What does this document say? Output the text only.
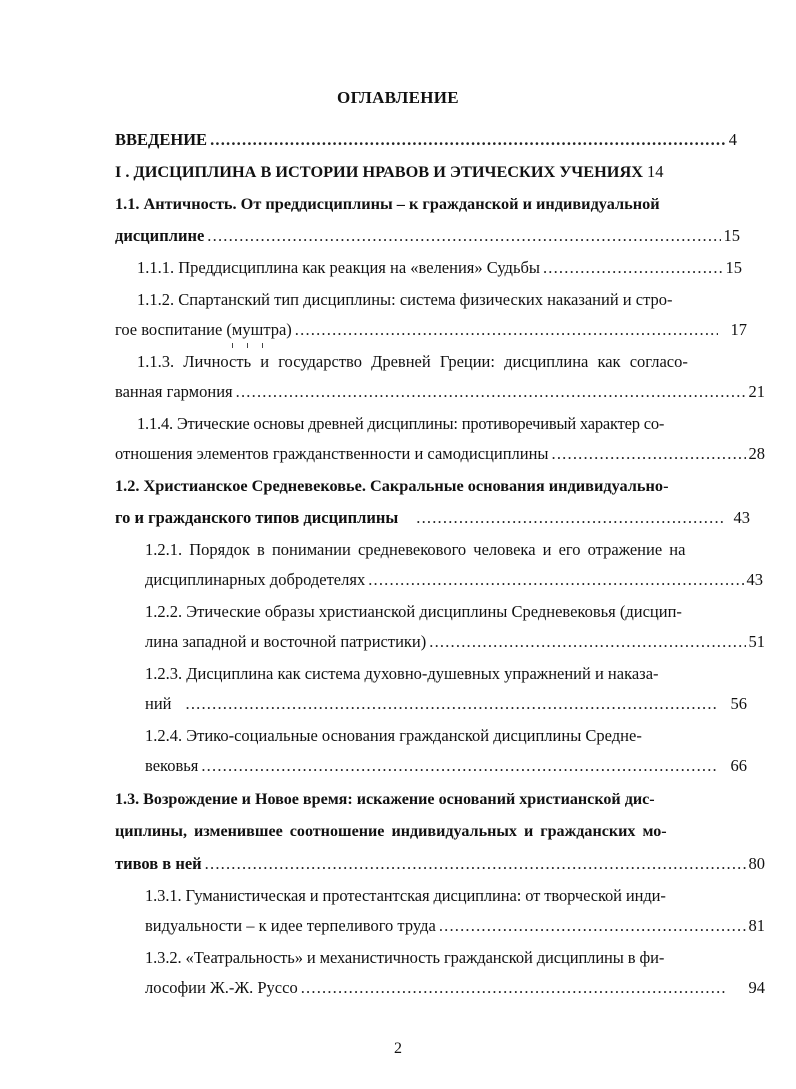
ОГЛАВЛЕНИЕ
ВВЕДЕНИЕ .....	4
I . ДИСЦИПЛИНА В ИСТОРИИ НРАВОВ И ЭТИЧЕСКИХ УЧЕНИЯХ 14
1.1. Античность. От преддисциплины – к гражданской и индивидуальной
дисциплине .....	15
1.1.1. Преддисциплина как реакция на «веления» Судьбы .....	15
1.1.2. Спартанский тип дисциплины: система физических наказаний и стро-
гое воспитание (муштра) .....	17
1.1.3. Личность и государство Древней Греции: дисциплина как согласо-
ванная гармония .....	21
1.1.4. Этические основы древней дисциплины: противоречивый характер со-
отношения элементов гражданственности и самодисциплины .....	28
1.2. Христианское Средневековье. Сакральные основания индивидуально-
го и гражданского типов дисциплины .....	43
1.2.1. Порядок в понимании средневекового человека и его отражение на
дисциплинарных добродетелях .....	43
1.2.2. Этические образы христианской дисциплины Средневековья (дисцип-
лина западной и восточной патристики) .....	51
1.2.3. Дисциплина как система духовно-душевных упражнений и наказа-
ний .....	56
1.2.4. Этико-социальные основания гражданской дисциплины Средне-
вековья .....	66
1.3. Возрождение и Новое время: искажение оснований христианской дис-
циплины, изменившее соотношение индивидуальных и гражданских мо-
тивов в ней .....	80
1.3.1. Гуманистическая и протестантская дисциплина: от творческой инди-
видуальности – к идее терпеливого труда .....	81
1.3.2. «Театральность» и механистичность гражданской дисциплины в фи-
лософии Ж.-Ж. Руссо .....	94
2
